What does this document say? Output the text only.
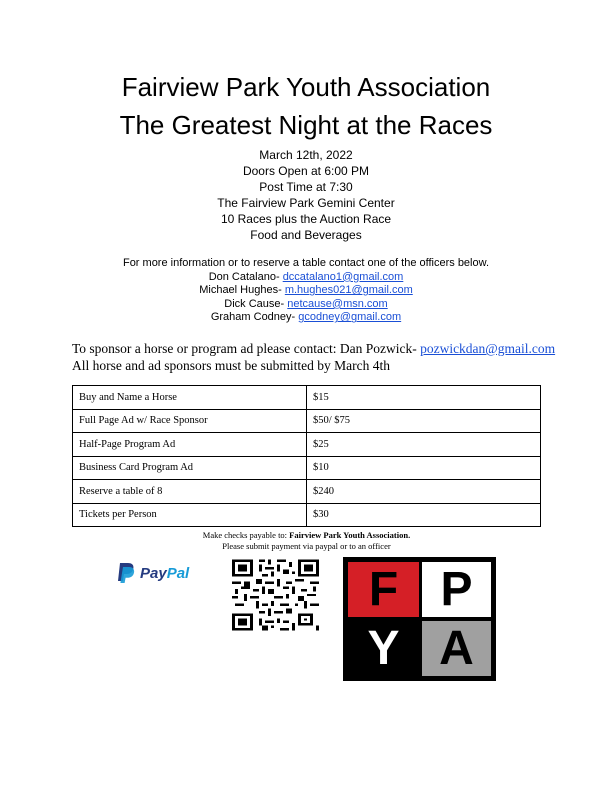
Fairview Park Youth Association
The Greatest Night at the Races
March 12th, 2022
Doors Open at 6:00 PM
Post Time at 7:30
The Fairview Park Gemini Center
10 Races plus the Auction Race
Food and Beverages
For more information or to reserve a table contact one of the officers below.
Don Catalano- dccatalano1@gmail.com
Michael Hughes- m.hughes021@gmail.com
Dick Cause- netcause@msn.com
Graham Codney- gcodney@gmail.com
To sponsor a horse or program ad please contact: Dan Pozwick- pozwickdan@gmail.com
All horse and ad sponsors must be submitted by March 4th
Buy and Name a Horse	$15
Full Page Ad w/ Race Sponsor	$50/ $75
Half-Page Program Ad	$25
Business Card Program Ad	$10
Reserve a table of 8	$240
Tickets per Person	$30
Make checks payable to: Fairview Park Youth Association.
Please submit payment via paypal or to an officer
PayPal	F P
Y A
